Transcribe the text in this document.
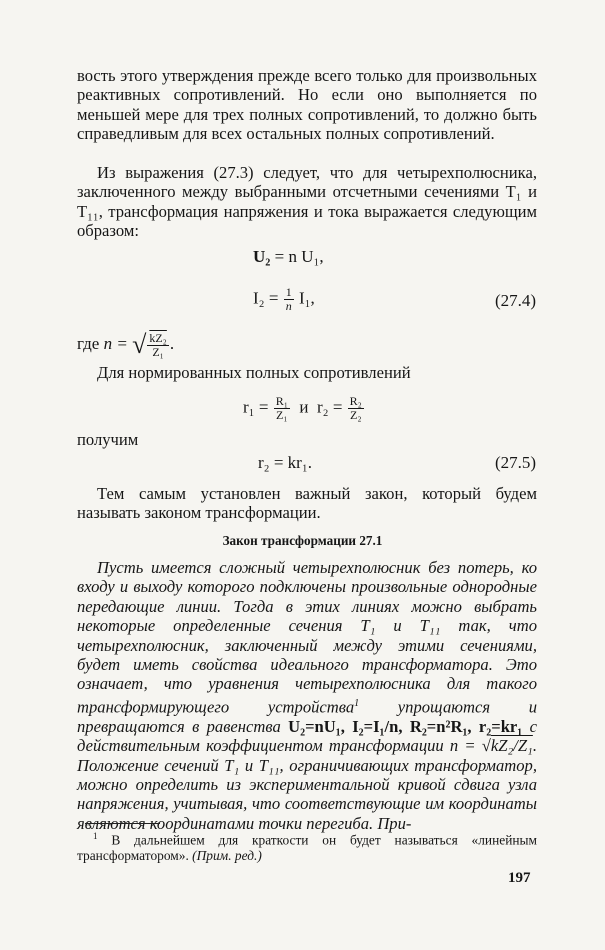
вость этого утверждения прежде всего только для произвольных реактивных сопротивлений. Но если оно выполняется по меньшей мере для трех полных сопротивлений, то должно быть справедливым для всех остальных полных сопротивлений.

Из выражения (27.3) следует, что для четырехполюсника, заключенного между выбранными отсчетными сечениями T₁ и T₁₁, трансформация напряжения и тока выражается следующим образом:

U₂ = n U₁,
$I_2 = \frac{1}{n} I_1$,	(27.4)
где n = √ $\frac{\text{kZ₂}}{\text{Z₁}}$ .

Для нормированных полных сопротивлений

$r_1 = \frac{\text{R₁}}{\text{Z₁}}$ и $r_2 = \frac{\text{R₂}}{\text{Z₂}}$

получим

r₂ = kr₁.	(27.5)

Тем самым установлен важный закон, который будем называть законом трансформации.

Закон трансформации 27.1

Пусть имеется сложный четырехполюсник без потерь, ко входу и выходу которого подключены произвольные однородные передающие линии. Тогда в этих линиях можно выбрать некоторые определенные сечения T₁ и T₁₁ так, что четырехполюсник, заключенный между этими сечениями, будет иметь свойства идеального трансформатора. Это означает, что уравнения четырехполюсника для такого трансформирующего устройства$^1$ упрощаются и превращаются в равенства U₂=nU₁, I₂=I₁/n, R₂=n²R₁, r₂=kr₁ с действительным коэффициентом трансформации n = √kZ₂/Z₁. Положение сечений T₁ и T₁₁, ограничивающих трансформатор, можно определить из экспериментальной кривой сдвига узла напряжения, учитывая, что соответствующие им координаты являются координатами точки перегиба. При-

$^1$ В дальнейшем для краткости он будет называться «линейным трансформатором». (Прим. ред.)
197
